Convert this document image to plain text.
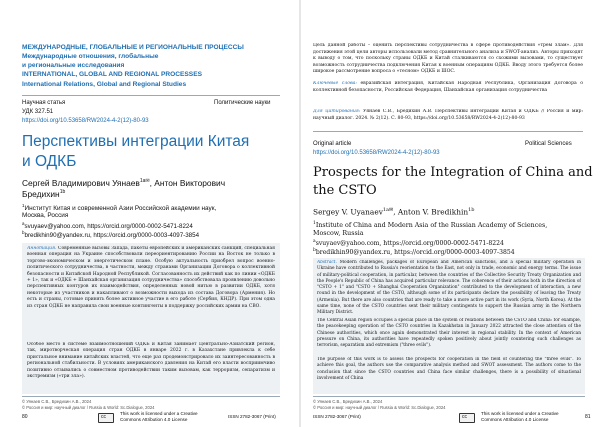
МЕЖДУНАРОДНЫЕ, ГЛОБАЛЬНЫЕ И РЕГИОНАЛЬНЫЕ ПРОЦЕССЫ
Международные отношения, глобальные
и региональные исследования
INTERNATIONAL, GLOBAL AND REGIONAL PROCESSES
International Relations, Global and Regional Studies
Научная статья	Политические науки
УДК 327.51
https://doi.org/10.53658/RW2024-4-2(12)-80-93
Перспективы интеграции Китая
и ОДКБ
Сергей Владимирович Уянаев$^{1a✉}$, Антон Викторович
Бредихин$^{1b}$
$^1$Институт Китая и современной Азии Российской академии наук,
Москва, Россия
$^a$svuyaev@yahoo.com, https://orcid.org/0000-0002-5471-8224
$^b$bredikhin90@yandex.ru, https://orcid.org/0000-0003-4097-3854
Аннотация. Современные вызовы Запада, пакеты европейских и американских санкций, специальная военная операция на Украине способствовали переориентированию России на Восток не только в торгово-экономическом и энергетическом плане. Особую актуальность приобрел вопрос военно-политического сотрудничества, в частности, между странами Организации Договора о коллективной безопасности и Китайской Народной Республикой. Согласованность их действий как по линии «ОДКБ + 1», так и «ОДКБ + Шанхайская организация сотрудничества» способствовала проявлению довольно перспективных контуров их взаимодействия, определенных новой нитью в развитии ОДКБ, хотя некоторые из участников и накапливают о возможности выхода из состава Договора (Армения). Но есть и страны, готовые принять более активное участие в его работе (Сербия, КНДР). При этом одна из стран ОДКБ не направила свои военные контингенты в поддержку российских армии на СВО.
Особое место в системе взаимоотношений ОДКБ и Китая занимает Центрально-Азиатский регион, так, миротворческая операция стран ОДКБ в январе 2022 г. в Казахстане привлекла к себе пристальное внимание китайских властей, что еще раз продемонстрировало их заинтересованность в региональной стабильности. В условиях американского давления на Китай его власти восприимчиво позитивно отзывались о совместном противодействии таким вызовам, как терроризм, сепаратизм и экстремизм («три зла»).
© Уянаев С.В., Бредихин А.В., 2024
© Россия и мир: научный диалог / Russia & World: Sc.Dialogue, 2024
80	cc
This work is licensed under a Creative
Commons Attribution 4.0 License
ISSN 2782-3067 (Print)
Цель данной работы – оценить перспективы сотрудничества в сфере противодействия «трем злам». Для достижения этой цели авторы использовали метод сравнительного анализа и SWOT-анализ. Авторы приходят к выводу о том, что поскольку страны ОДКБ и Китай сталкиваются со схожими вызовами, то существует возможность сотрудничества подключения Китая к военным операциям ОДКБ. Вводу этого требуется более широкое рассмотрение вопроса о «тесном» ОДКБ и ШОС.
Ключевые слова: евразийская интеграция, Китайская Народная Республика, Организация Договора о коллективной безопасности, Российская Федерация, Шанхайская организация сотрудничества
Для цитирования: Уянаев С.В., Бредихин А.В. Перспективы интеграции Китая и ОДКБ // Россия и мир: научный диалог. 2024. № 2(12). С. 80-93, https://doi.org/10.53658/RW2024-4-2(12)-80-93
Original article	Political Sciences
https://doi.org/10.53658/RW2024-4-2(12)-80-93
Prospects for the Integration of China and
the CSTO
Sergey V. Uyanaev$^{1a✉}$, Anton V. Bredikhin$^{1b}$
$^1$Institute of China and Modern Asia of the Russian Academy of Sciences,
Moscow, Russia
$^a$svuyaev@yahoo.com, https://orcid.org/0000-0002-5471-8224
$^b$bredikhin90@yandex.ru, https://orcid.org/0000-0003-4097-3854
Abstract. Modern challenges, packages of European and American sanctions, and a special military operation in Ukraine have contributed to Russia's reorientation to the East, not only in trade, economic and energy terms. The issue of military-political cooperation, in particular, between the countries of the Collective Security Treaty Organization and the People's Republic of China has acquired particular relevance. The coherence of their actions both in the direction of "CSTO + 1" and "CSTO + Shanghai Cooperation Organization" contributed to the development of interaction, a new round in the development of the CSTO, although some of its participants declare the possibility of leaving the Treaty (Armenia). But there are also countries that are ready to take a more active part in its work (Syria, North Korea). At the same time, none of the CSTO countries sent their military contingents to support the Russian army in the Northern Military District.
The Central Asian region occupies a special place in the system of relations between the CSTO and China: for example, the peacekeeping operation of the CSTO countries in Kazakhstan in January 2022 attracted the close attention of the Chinese authorities, which once again demonstrated their interest in regional stability. In the context of American pressure on China, its authorities have repeatedly spoken positively about jointly countering such challenges as terrorism, separatism and extremism ("three evils").
The purpose of this work is to assess the prospects for cooperation in the field of countering the "three evils". To achieve this goal, the authors use the comparative analysis method and SWOT assessment. The authors come to the conclusion that since the CSTO countries and China face similar challenges, there is a possibility of situational involvement of China
© Уянаев С.В., Бредихин А.В., 2024
© Россия и мир: научный диалог / Russia & World: Sc.Dialogue, 2024
ISSN 2782-3067 (Print)	cc
This work is licensed under a Creative
Commons Attribution 4.0 License	81
